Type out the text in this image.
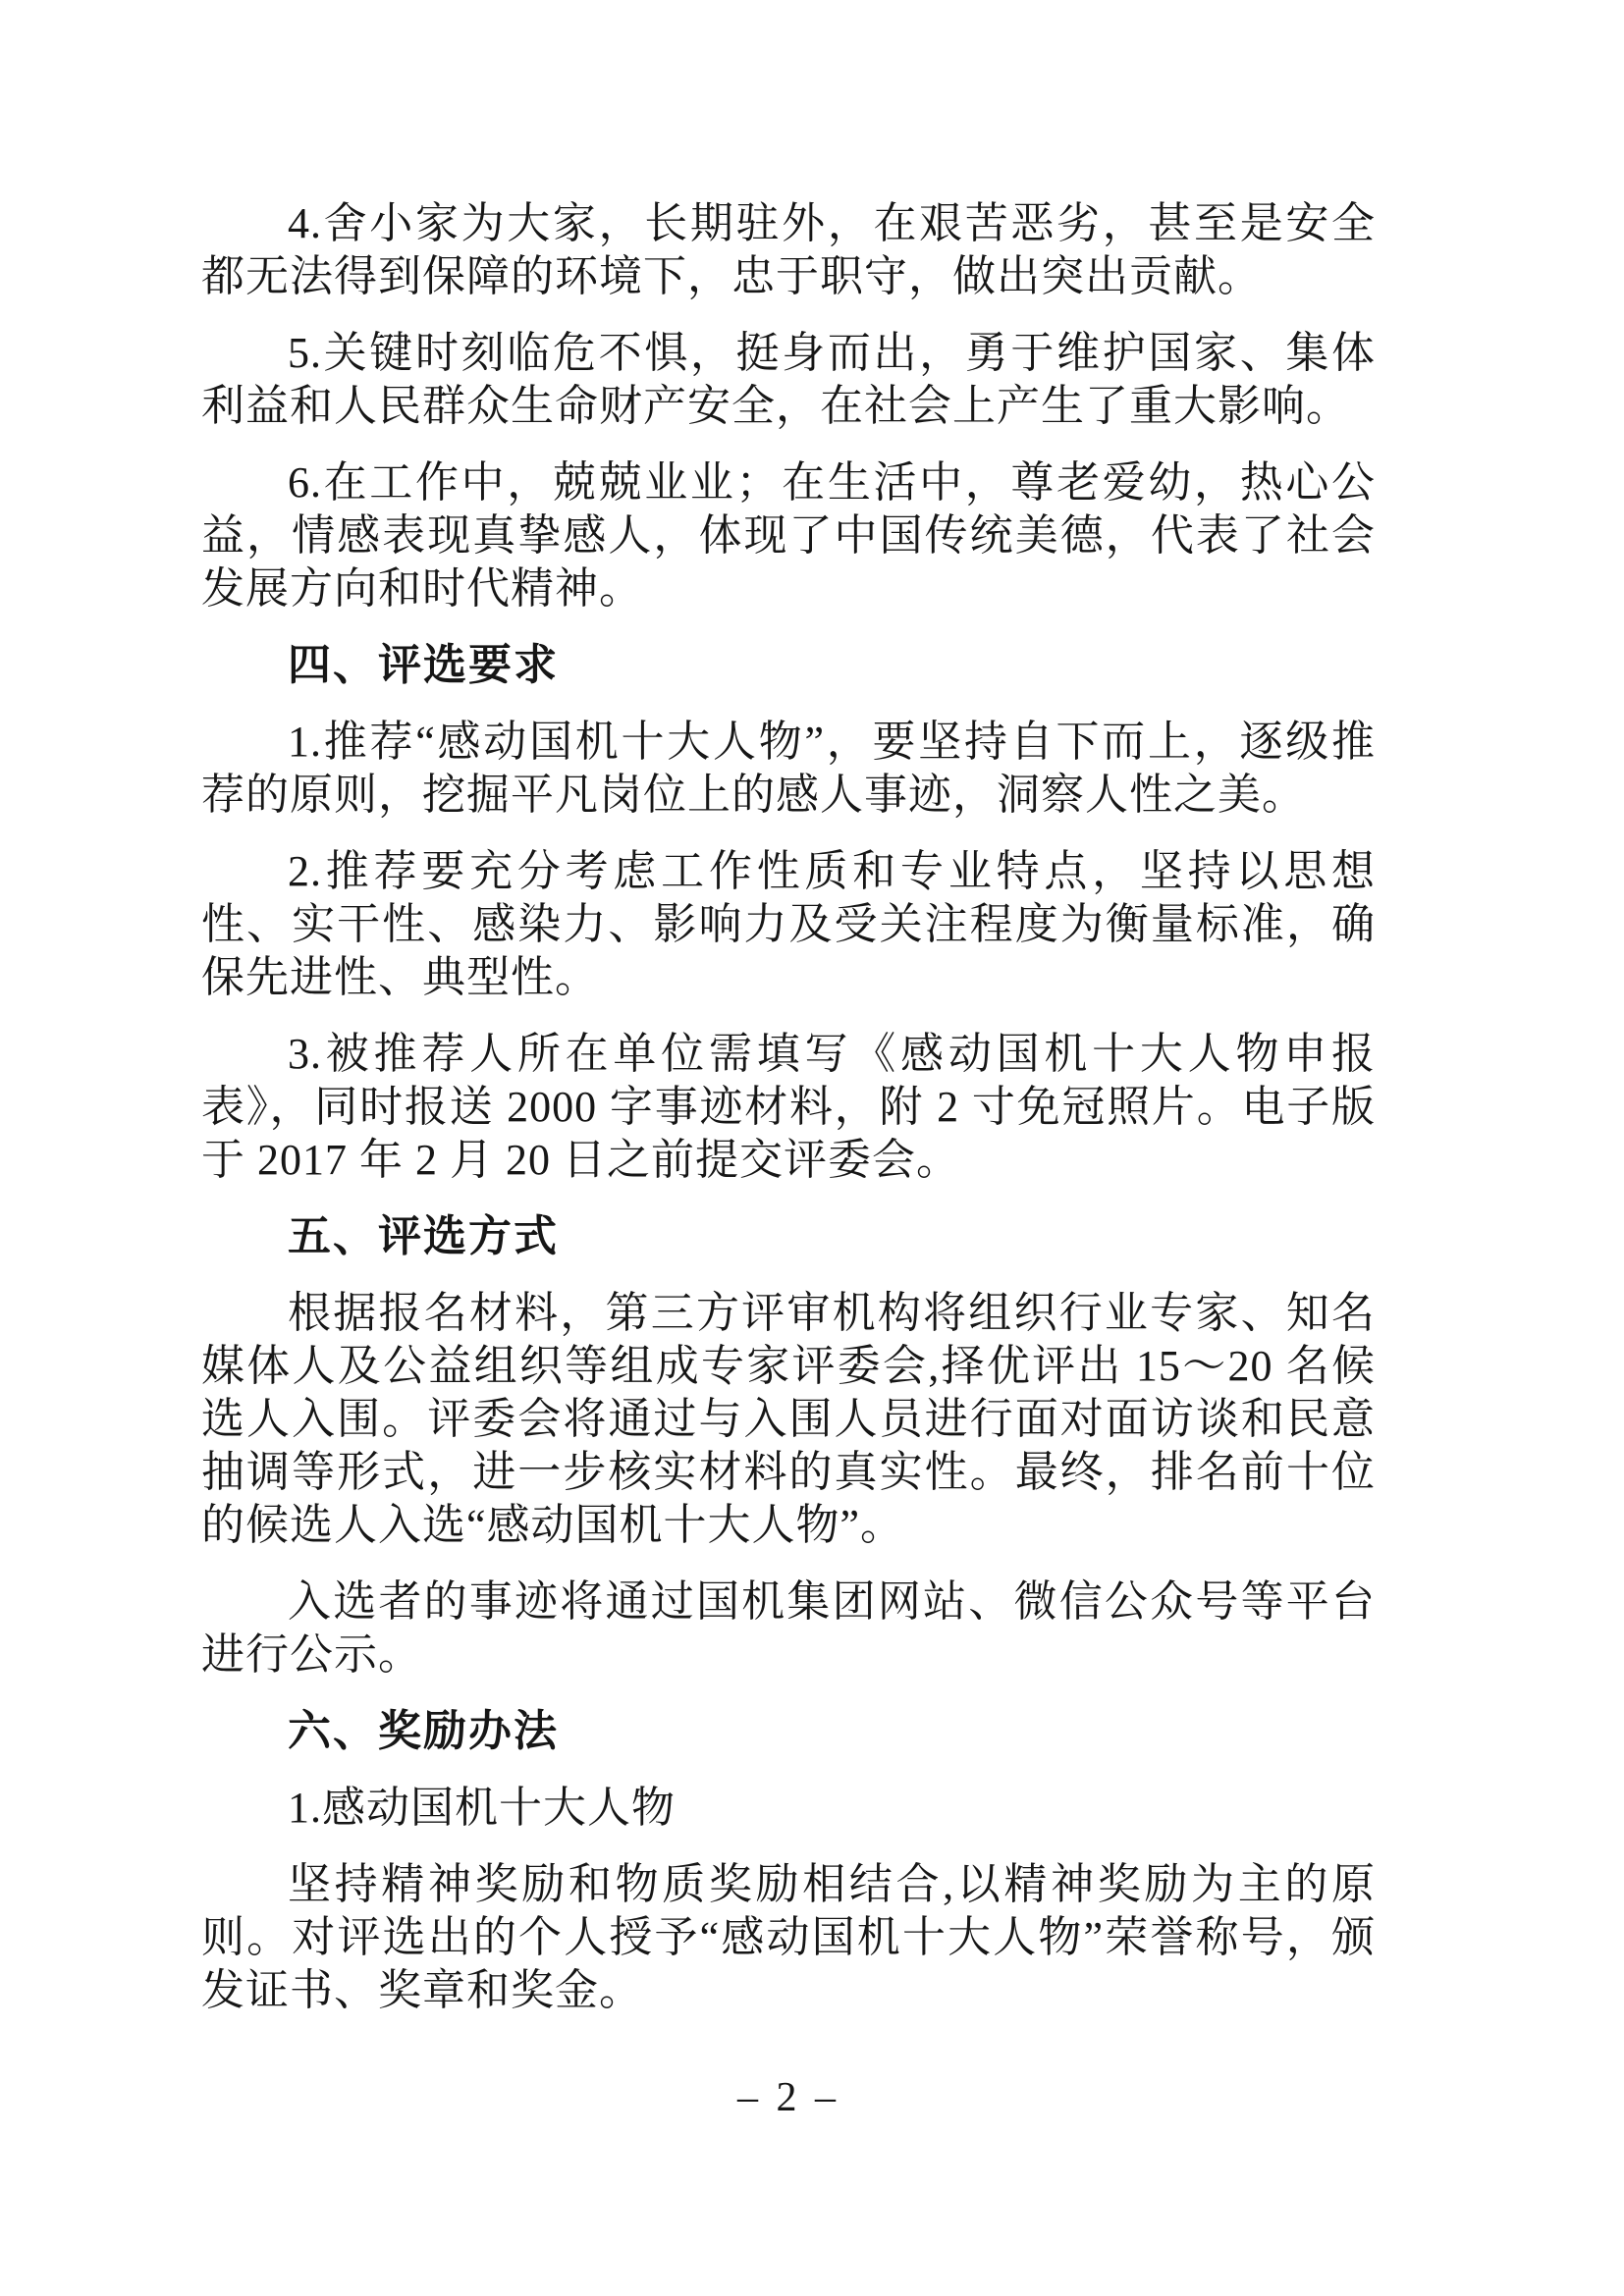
4.舍小家为大家，长期驻外，在艰苦恶劣，甚至是安全都无法得到保障的环境下，忠于职守，做出突出贡献。

5.关键时刻临危不惧，挺身而出，勇于维护国家、集体利益和人民群众生命财产安全，在社会上产生了重大影响。

6.在工作中，兢兢业业；在生活中，尊老爱幼，热心公益，情感表现真挚感人，体现了中国传统美德，代表了社会发展方向和时代精神。

四、评选要求

1.推荐“感动国机十大人物”，要坚持自下而上，逐级推荐的原则，挖掘平凡岗位上的感人事迹，洞察人性之美。

2.推荐要充分考虑工作性质和专业特点，坚持以思想性、实干性、感染力、影响力及受关注程度为衡量标准，确保先进性、典型性。

3.被推荐人所在单位需填写《感动国机十大人物申报表》，同时报送 2000 字事迹材料，附 2 寸免冠照片。电子版于 2017 年 2 月 20 日之前提交评委会。

五、评选方式

根据报名材料，第三方评审机构将组织行业专家、知名媒体人及公益组织等组成专家评委会,择优评出 15～20 名候选人入围。评委会将通过与入围人员进行面对面访谈和民意抽调等形式，进一步核实材料的真实性。最终，排名前十位的候选人入选“感动国机十大人物”。

入选者的事迹将通过国机集团网站、微信公众号等平台进行公示。

六、奖励办法

1.感动国机十大人物

坚持精神奖励和物质奖励相结合,以精神奖励为主的原则。对评选出的个人授予“感动国机十大人物”荣誉称号，颁发证书、奖章和奖金。

– 2 –
